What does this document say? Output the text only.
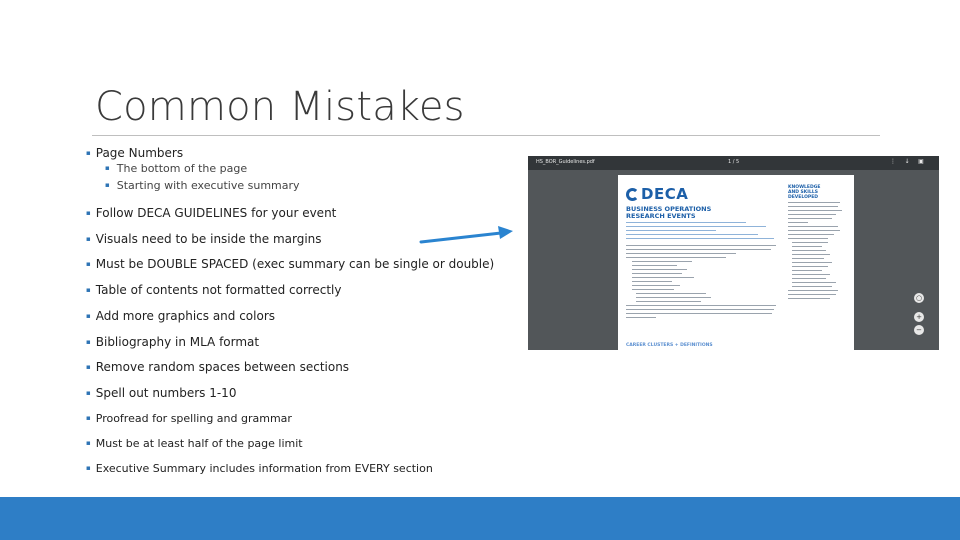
Common Mistakes
▪ Page Numbers
▪ The bottom of the page
▪ Starting with executive summary
▪ Follow DECA GUIDELINES for your event
▪ Visuals need to be inside the margins
▪ Must be DOUBLE SPACED (exec summary can be single or double)
▪ Table of contents not formatted correctly
▪ Add more graphics and colors
▪ Bibliography in MLA format
▪ Remove random spaces between sections
▪ Spell out numbers 1-10
▪ Proofread for spelling and grammar
▪ Must be at least half of the page limit
▪ Executive Summary includes information from EVERY section
HS_BOR_Guidelines.pdf	1 / 5	⋮ ↓ ▣
DECA
BUSINESS OPERATIONS
RESEARCH EVENTS
KNOWLEDGE
AND SKILLS
DEVELOPED
CAREER CLUSTERS + DEFINITIONS
○
+
−
